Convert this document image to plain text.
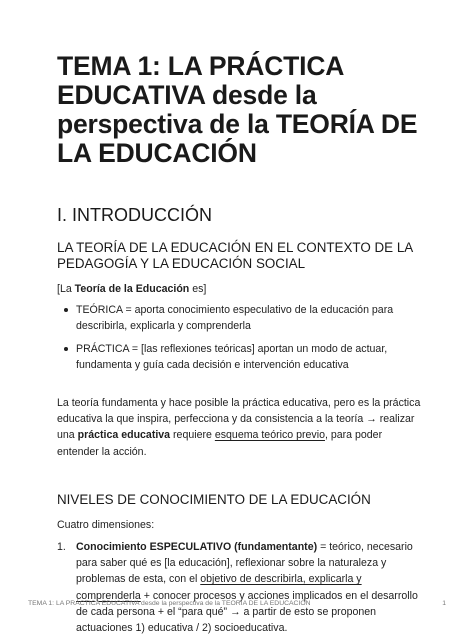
TEMA 1: LA PRÁCTICA EDUCATIVA desde la perspectiva de la TEORÍA DE LA EDUCACIÓN
I. INTRODUCCIÓN
LA TEORÍA DE LA EDUCACIÓN EN EL CONTEXTO DE LA PEDAGOGÍA Y LA EDUCACIÓN SOCIAL

[La Teoría de la Educación es]

TEÓRICA = aporta conocimiento especulativo de la educación para describirla, explicarla y comprenderla
PRÁCTICA = [las reflexiones teóricas] aportan un modo de actuar, fundamenta y guía cada decisión e intervención educativa

La teoría fundamenta y hace posible la práctica educativa, pero es la práctica educativa la que inspira, perfecciona y da consistencia a la teoría → realizar una práctica educativa requiere esquema teórico previo, para poder entender la acción.

NIVELES DE CONOCIMIENTO DE LA EDUCACIÓN

Cuatro dimensiones:

1. Conocimiento ESPECULATIVO (fundamentante) = teórico, necesario para saber qué es [la educación], reflexionar sobre la naturaleza y problemas de esta, con el objetivo de describirla, explicarla y comprenderla + conocer procesos y acciones implicados en el desarrollo de cada persona + el “para qué” → a partir de esto se proponen actuaciones 1) educativa / 2) socioeducativa.
TEMA 1: LA PRÁCTICA EDUCATIVA desde la perspectiva de la TEORÍA DE LA EDUCACIÓN	1
